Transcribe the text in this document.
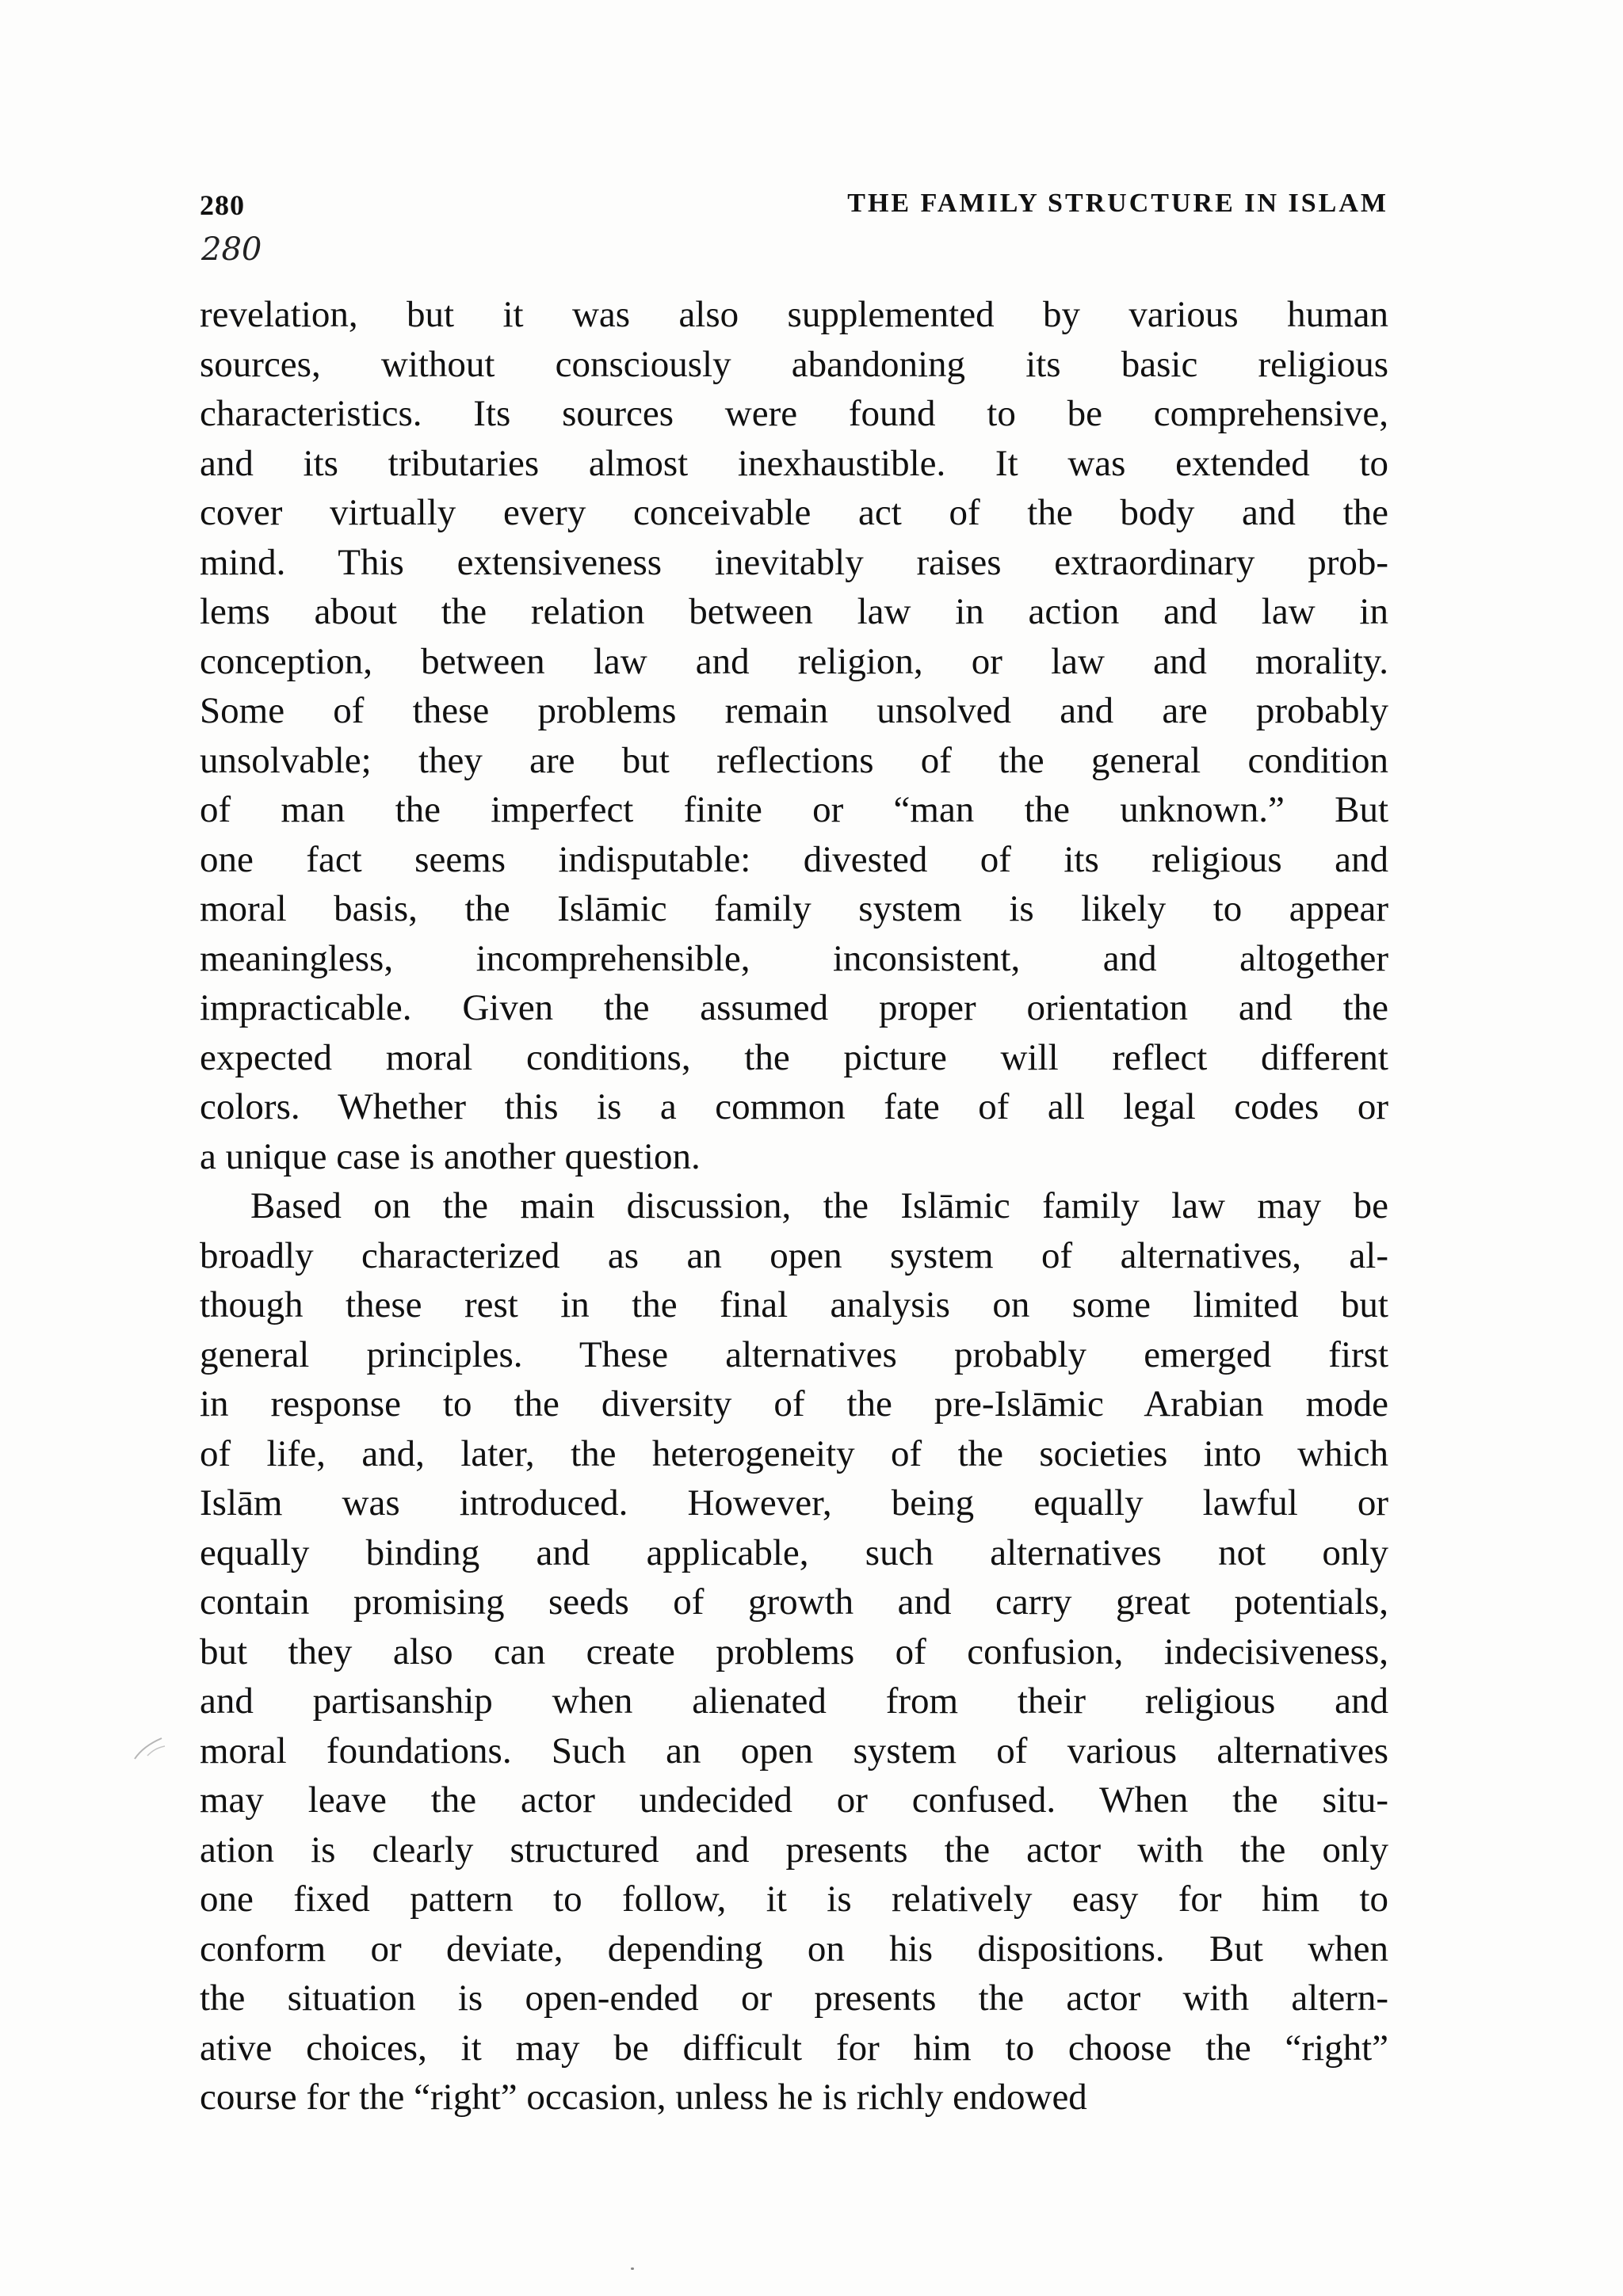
280	THE FAMILY STRUCTURE IN ISLAM
280
revelation, but it was also supplemented by various human
sources, without consciously abandoning its basic religious
characteristics. Its sources were found to be comprehensive,
and its tributaries almost inexhaustible. It was extended to
cover virtually every conceivable act of the body and the
mind. This extensiveness inevitably raises extraordinary prob-
lems about the relation between law in action and law in
conception, between law and religion, or law and morality.
Some of these problems remain unsolved and are probably
unsolvable; they are but reflections of the general condition
of man the imperfect finite or “man the unknown.” But
one fact seems indisputable: divested of its religious and
moral basis, the Islāmic family system is likely to appear
meaningless, incomprehensible, inconsistent, and altogether
impracticable. Given the assumed proper orientation and the
expected moral conditions, the picture will reflect different
colors. Whether this is a common fate of all legal codes or
a unique case is another question.
Based on the main discussion, the Islāmic family law may be
broadly characterized as an open system of alternatives, al-
though these rest in the final analysis on some limited but
general principles. These alternatives probably emerged first
in response to the diversity of the pre-Islāmic Arabian mode
of life, and, later, the heterogeneity of the societies into which
Islām was introduced. However, being equally lawful or
equally binding and applicable, such alternatives not only
contain promising seeds of growth and carry great potentials,
but they also can create problems of confusion, indecisiveness,
and partisanship when alienated from their religious and
moral foundations. Such an open system of various alternatives
may leave the actor undecided or confused. When the situ-
ation is clearly structured and presents the actor with the only
one fixed pattern to follow, it is relatively easy for him to
conform or deviate, depending on his dispositions. But when
the situation is open-ended or presents the actor with altern-
ative choices, it may be difficult for him to choose the “right”
course for the “right” occasion, unless he is richly endowed
